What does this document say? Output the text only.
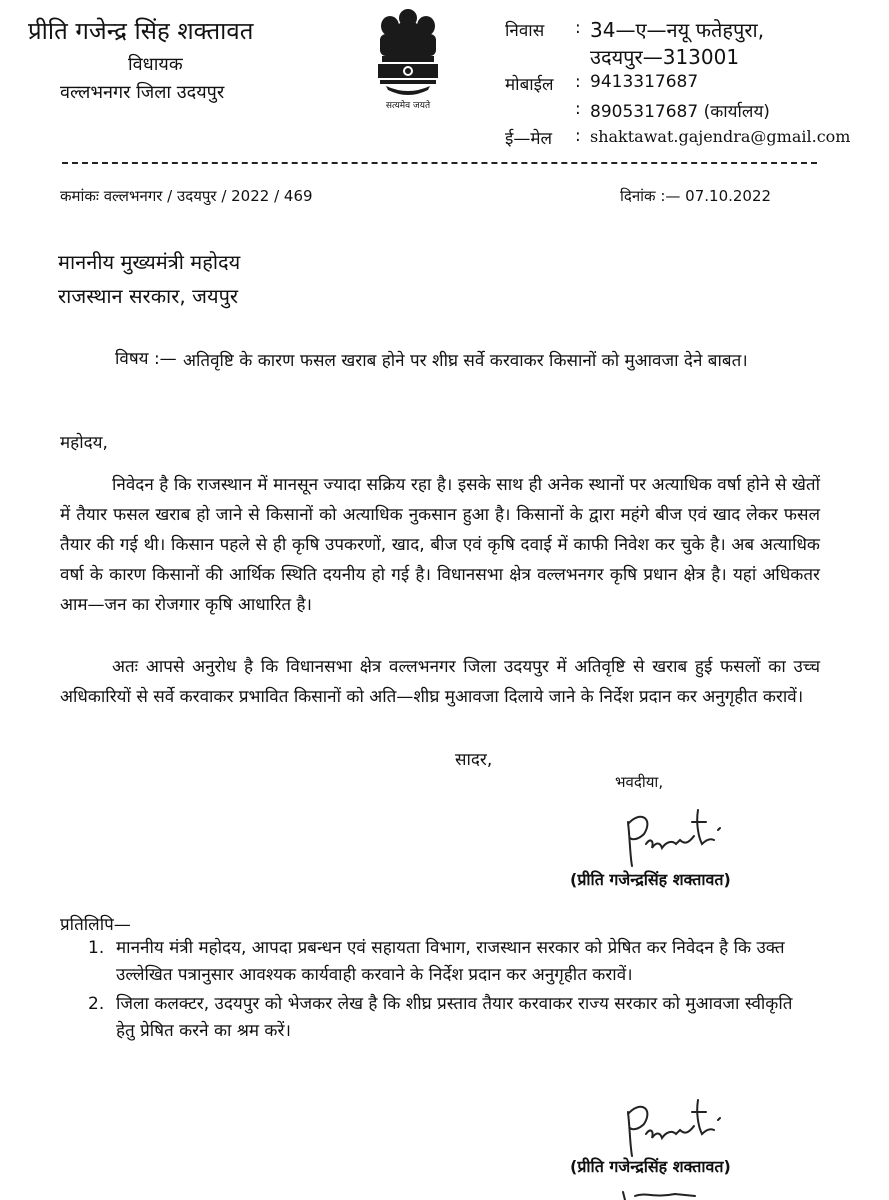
प्रीति गजेन्द्र सिंह शक्तावत
विधायक
वल्लभनगर जिला उदयपुर
सत्यमेव जयते
निवास : 34—ए—नयू फतेहपुरा,
उदयपुर—313001
मोबाईल : 9413317687
: 8905317687 (कार्यालय)
ई—मेल : shaktawat.gajendra@gmail.com
कमांकः वल्लभनगर / उदयपुर / 2022 / 469	दिनांक :— 07.10.2022
माननीय मुख्यमंत्री महोदय
राजस्थान सरकार, जयपुर
विषय :— अतिवृष्टि के कारण फसल खराब होने पर शीघ्र सर्वे करवाकर किसानों को मुआवजा देने बाबत।
महोदय,
निवेदन है कि राजस्थान में मानसून ज्यादा सक्रिय रहा है। इसके साथ ही अनेक स्थानों पर अत्याधिक वर्षा होने से खेतों में तैयार फसल खराब हो जाने से किसानों को अत्याधिक नुकसान हुआ है। किसानों के द्वारा महंगे बीज एवं खाद लेकर फसल तैयार की गई थी। किसान पहले से ही कृषि उपकरणों, खाद, बीज एवं कृषि दवाई में काफी निवेश कर चुके है। अब अत्याधिक वर्षा के कारण किसानों की आर्थिक स्थिति दयनीय हो गई है। विधानसभा क्षेत्र वल्लभनगर कृषि प्रधान क्षेत्र है। यहां अधिकतर आम—जन का रोजगार कृषि आधारित है।
अतः आपसे अनुरोध है कि विधानसभा क्षेत्र वल्लभनगर जिला उदयपुर में अतिवृष्टि से खराब हुई फसलों का उच्च अधिकारियों से सर्वे करवाकर प्रभावित किसानों को अति—शीघ्र मुआवजा दिलाये जाने के निर्देश प्रदान कर अनुगृहीत करावें।
सादर,
भवदीया,
(प्रीति गजेन्द्रसिंह शक्तावत)
प्रतिलिपि—
1. माननीय मंत्री महोदय, आपदा प्रबन्धन एवं सहायता विभाग, राजस्थान सरकार को प्रेषित कर निवेदन है कि उक्त उल्लेखित पत्रानुसार आवश्यक कार्यवाही करवाने के निर्देश प्रदान कर अनुगृहीत करावें।
2. जिला कलक्टर, उदयपुर को भेजकर लेख है कि शीघ्र प्रस्ताव तैयार करवाकर राज्य सरकार को मुआवजा स्वीकृति हेतु प्रेषित करने का श्रम करें।
(प्रीति गजेन्द्रसिंह शक्तावत)
